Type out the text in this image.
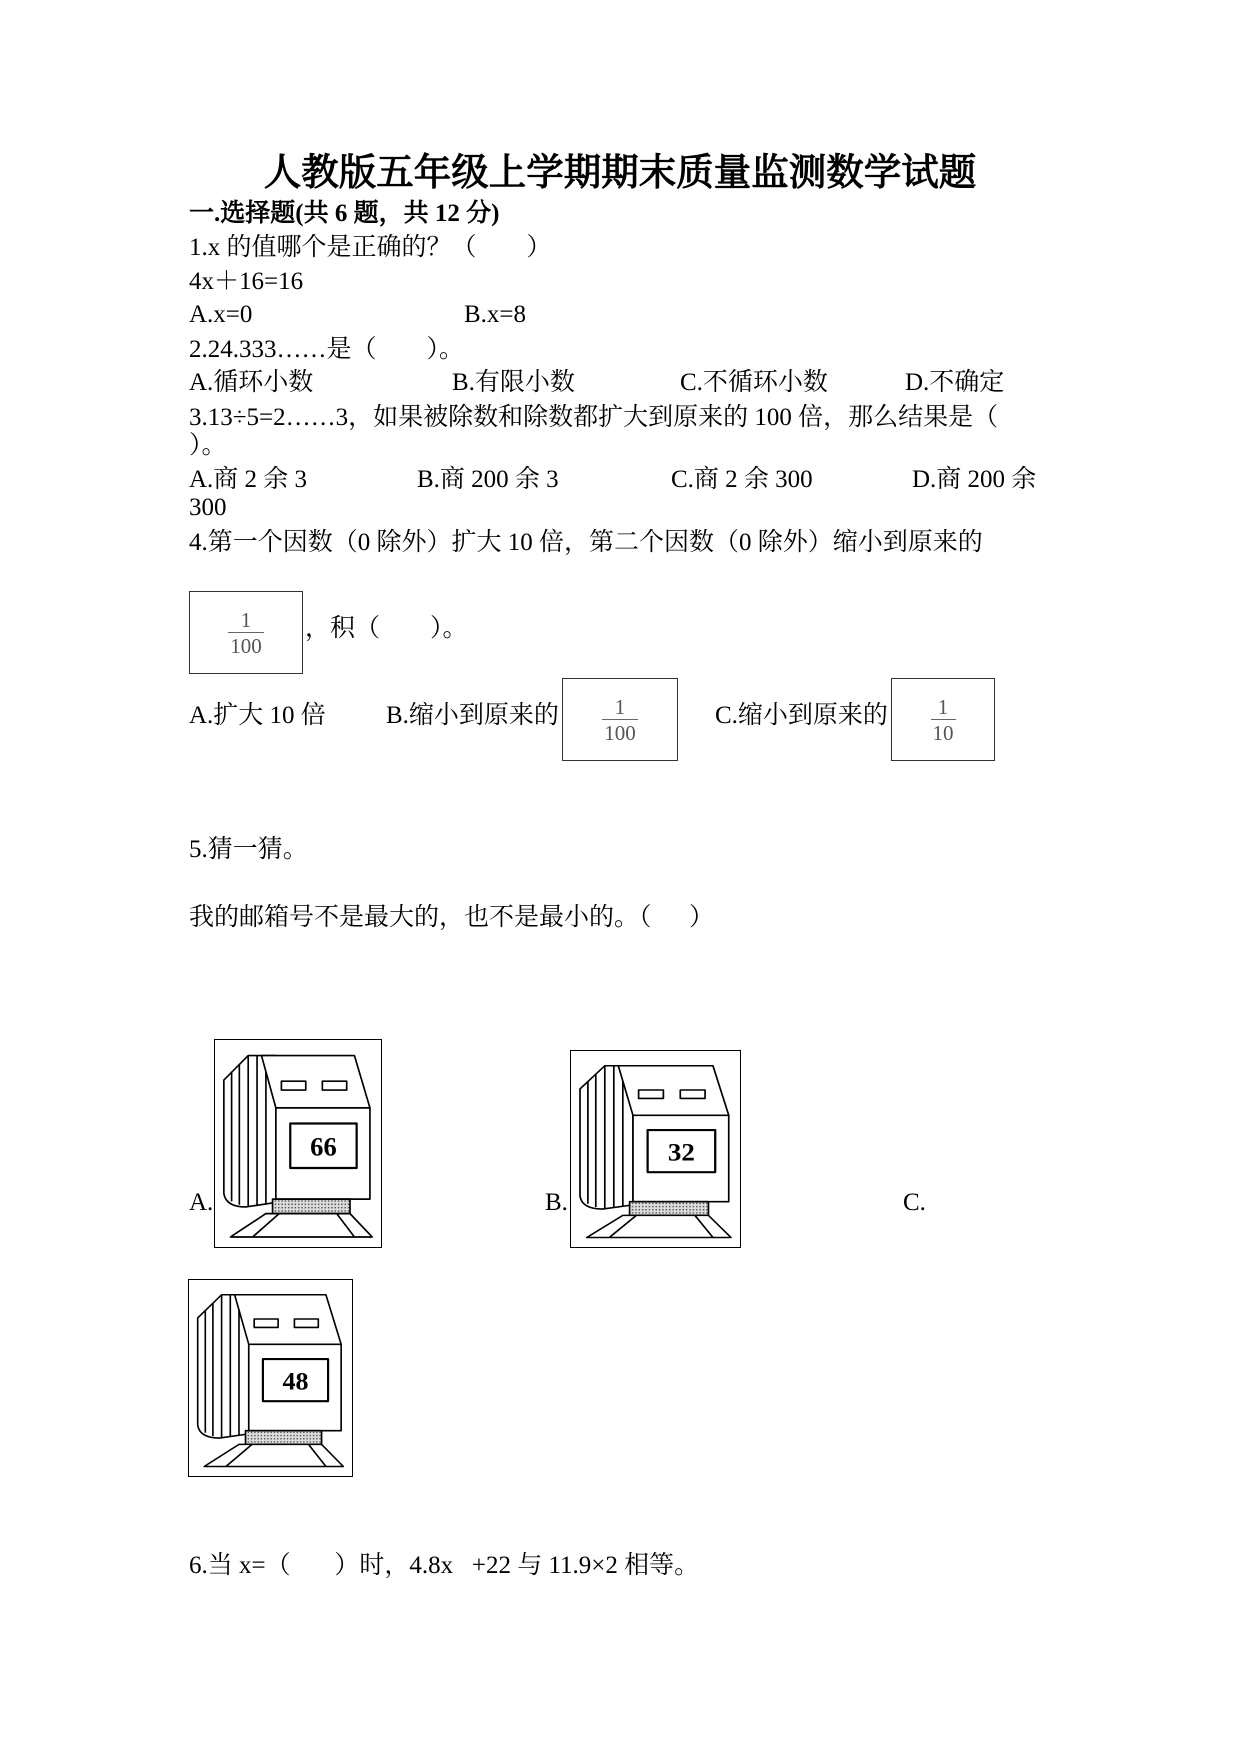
人教版五年级上学期期末质量监测数学试题
一.选择题(共 6 题，共 12 分)
1.x 的值哪个是正确的？（        ）
4x＋16=16
A.x=0	B.x=8
2.24.333……是（        ）。
A.循环小数	B.有限小数	C.不循环小数	D.不确定
3.13÷5=2……3，如果被除数和除数都扩大到原来的 100 倍，那么结果是（
）。
A.商 2 余 3	B.商 200 余 3	C.商 2 余 300	D.商 200 余
300
4.第一个因数（0 除外）扩大 10 倍，第二个因数（0 除外）缩小到原来的
$\frac{1}{100}$ ，积（        ）。
A.扩大 10 倍 B.缩小到原来的 $\frac{1}{100}$	C.缩小到原来的 $\frac{1}{10}$
5.猜一猜。
我的邮箱号不是最大的，也不是最小的。（      ）
A.
66
B.
32
C.
48
6.当 x=（       ）时，4.8x   +22 与 11.9×2 相等。
